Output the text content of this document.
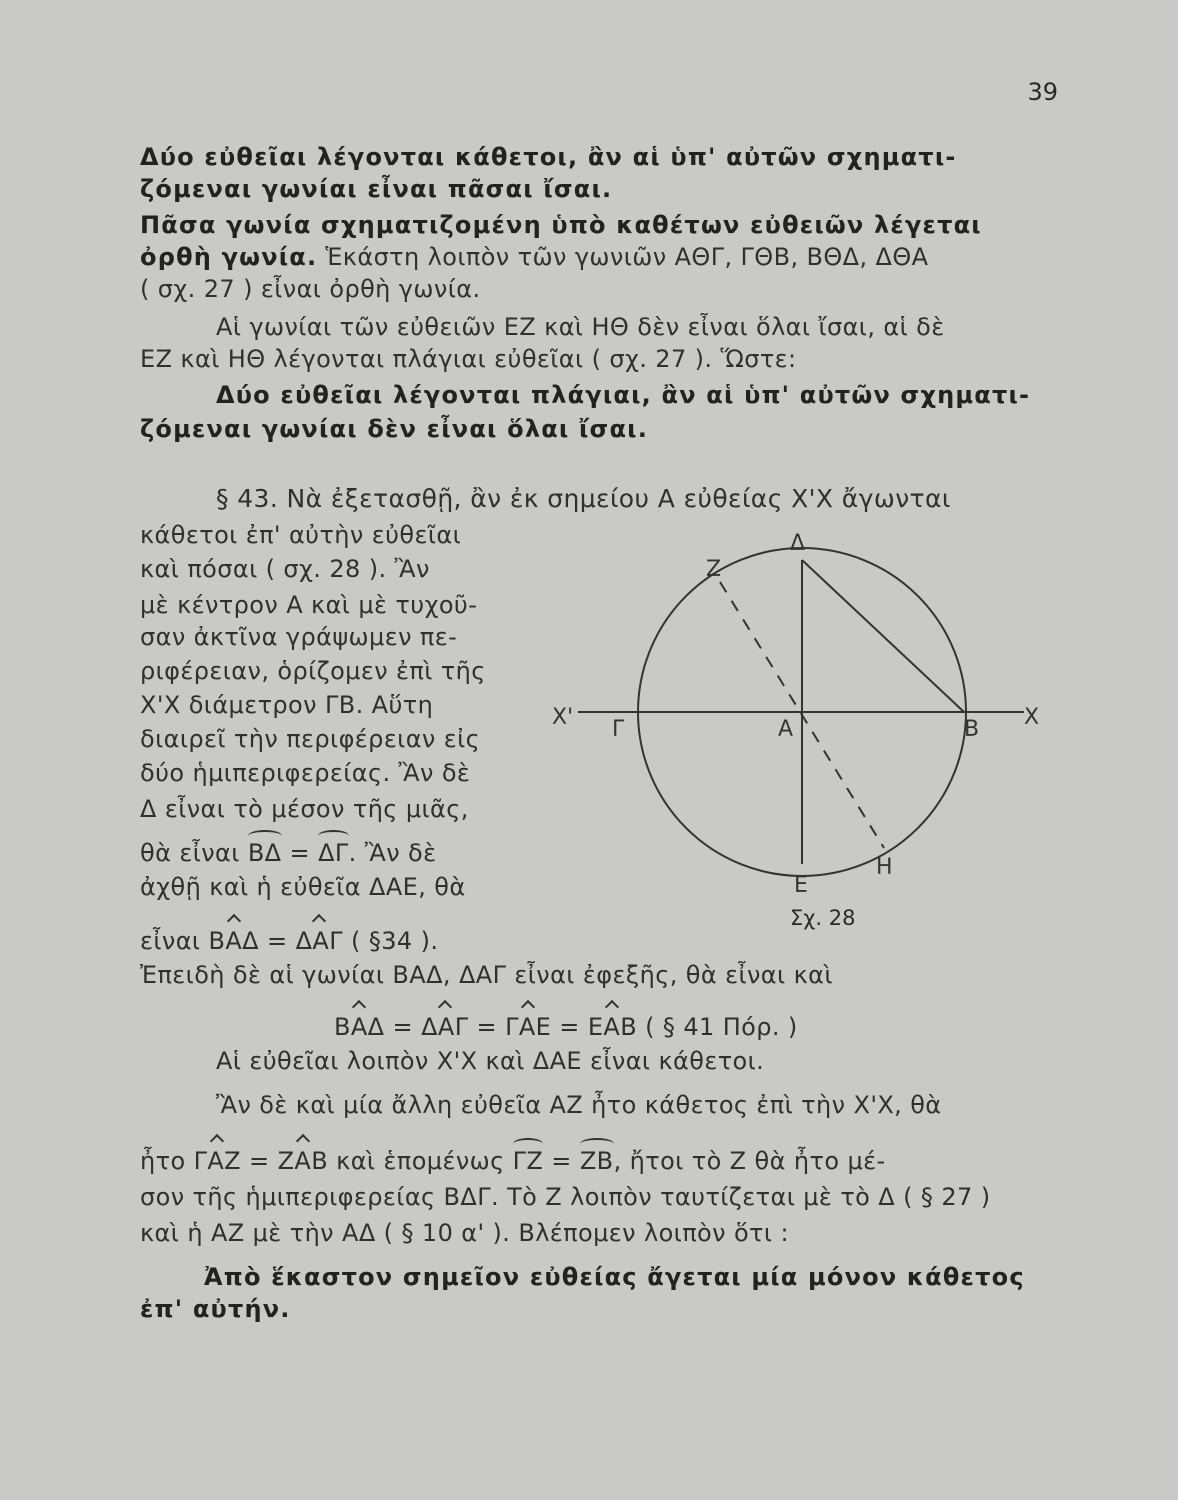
39
Δύο εὐθεῖαι λέγονται κάθετοι, ἂν αἱ ὑπ' αὐτῶν σχηματι-
ζόμεναι γωνίαι εἶναι πᾶσαι ἴσαι.
Πᾶσα γωνία σχηματιζομένη ὑπὸ καθέτων εὐθειῶν λέγεται
ὀρθὴ γωνία. Ἑκάστη λοιπὸν τῶν γωνιῶν ΑΘΓ, ΓΘΒ, ΒΘΔ, ΔΘΑ
( σχ. 27 ) εἶναι ὀρθὴ γωνία.
Αἱ γωνίαι τῶν εὐθειῶν ΕΖ καὶ ΗΘ δὲν εἶναι ὅλαι ἴσαι, αἱ δὲ
ΕΖ καὶ ΗΘ λέγονται πλάγιαι εὐθεῖαι ( σχ. 27 ). Ὥστε:
Δύο εὐθεῖαι λέγονται πλάγιαι, ἂν αἱ ὑπ' αὐτῶν σχηματι-
ζόμεναι γωνίαι δὲν εἶναι ὅλαι ἴσαι.
§ 43. Νὰ ἐξετασθῇ, ἂν ἐκ σημείου Α εὐθείας Χ'Χ ἄγωνται
κάθετοι ἐπ' αὐτὴν εὐθεῖαι
καὶ πόσαι ( σχ. 28 ). Ἂν
μὲ κέντρον Α καὶ μὲ τυχοῦ-
σαν ἀκτῖνα γράψωμεν πε-
ριφέρειαν, ὁρίζομεν ἐπὶ τῆς
Χ'Χ διάμετρον ΓΒ. Αὕτη
διαιρεῖ τὴν περιφέρειαν εἰς
δύο ἡμιπεριφερείας. Ἂν δὲ
Δ εἶναι τὸ μέσον τῆς μιᾶς,
θὰ εἶναι ΒΔ = ΔΓ. Ἂν δὲ
ἀχθῇ καὶ ἡ εὐθεῖα ΔΑΕ, θὰ
εἶναι ΒΑΔ = ΔΑΓ ( §34 ).
Ἐπειδὴ δὲ αἱ γωνίαι ΒΑΔ, ΔΑΓ εἶναι ἐφεξῆς, θὰ εἶναι καὶ
ΒΑΔ = ΔΑΓ = ΓΑΕ = ΕΑΒ ( § 41 Πόρ. )
Αἱ εὐθεῖαι λοιπὸν Χ'Χ καὶ ΔΑΕ εἶναι κάθετοι.
Ἂν δὲ καὶ μία ἄλλη εὐθεῖα ΑΖ ἦτο κάθετος ἐπὶ τὴν Χ'Χ, θὰ
ἦτο ΓΑΖ = ΖΑΒ καὶ ἑπομένως ΓΖ = ΖΒ, ἤτοι τὸ Ζ θὰ ἦτο μέ-
σον τῆς ἡμιπεριφερείας ΒΔΓ. Τὸ Ζ λοιπὸν ταυτίζεται μὲ τὸ Δ ( § 27 )
καὶ ἡ ΑΖ μὲ τὴν ΑΔ ( § 10 α' ). Βλέπομεν λοιπὸν ὅτι :
Ἀπὸ ἕκαστον σημεῖον εὐθείας ἄγεται μία μόνον κάθετος
ἐπ' αὐτήν.
Ζ
Δ
Χ'	Χ
Γ	Α	Β
Ε
Η
Σχ. 28
